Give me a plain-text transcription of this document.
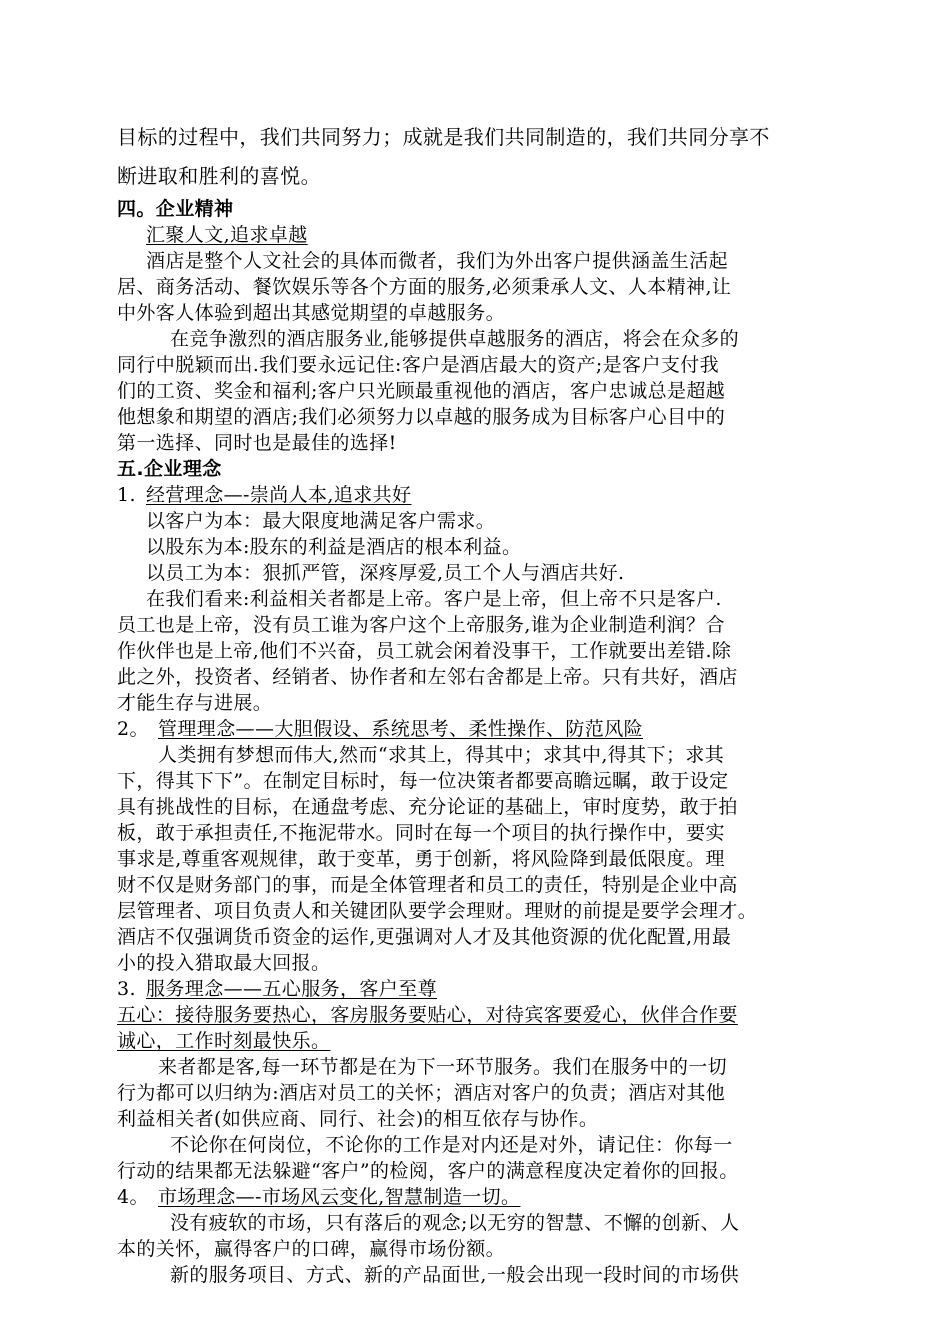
目标的过程中，我们共同努力；成就是我们共同制造的，我们共同分享不
断进取和胜利的喜悦。
四。企业精神
汇聚人文,追求卓越
酒店是整个人文社会的具体而微者，我们为外出客户提供涵盖生活起
居、商务活动、餐饮娱乐等各个方面的服务,必须秉承人文、人本精神,让
中外客人体验到超出其感觉期望的卓越服务。
在竞争激烈的酒店服务业,能够提供卓越服务的酒店，将会在众多的
同行中脱颖而出.我们要永远记住:客户是酒店最大的资产;是客户支付我
们的工资、奖金和福利;客户只光顾最重视他的酒店，客户忠诚总是超越
他想象和期望的酒店;我们必须努力以卓越的服务成为目标客户心目中的
第一选择、同时也是最佳的选择!
五.企业理念
1. 经营理念—-崇尚人本,追求共好
以客户为本：最大限度地满足客户需求。
以股东为本:股东的利益是酒店的根本利益。
以员工为本：狠抓严管，深疼厚爱,员工个人与酒店共好.
在我们看来:利益相关者都是上帝。客户是上帝，但上帝不只是客户.
员工也是上帝，没有员工谁为客户这个上帝服务,谁为企业制造利润？合
作伙伴也是上帝,他们不兴奋，员工就会闲着没事干，工作就要出差错.除
此之外，投资者、经销者、协作者和左邻右舍都是上帝。只有共好，酒店
才能生存与进展。
2。 管理理念——大胆假设、系统思考、柔性操作、防范风险
人类拥有梦想而伟大,然而“求其上，得其中；求其中,得其下；求其
下，得其下下”。在制定目标时，每一位决策者都要高瞻远瞩，敢于设定
具有挑战性的目标，在通盘考虑、充分论证的基础上，审时度势，敢于拍
板，敢于承担责任,不拖泥带水。同时在每一个项目的执行操作中，要实
事求是,尊重客观规律，敢于变革，勇于创新，将风险降到最低限度。理
财不仅是财务部门的事，而是全体管理者和员工的责任，特别是企业中高
层管理者、项目负责人和关键团队要学会理财。理财的前提是要学会理才。
酒店不仅强调货币资金的运作,更强调对人才及其他资源的优化配置,用最
小的投入猎取最大回报。
3. 服务理念——五心服务，客户至尊
五心：接待服务要热心，客房服务要贴心，对待宾客要爱心，伙伴合作要
诚心，工作时刻最快乐。
来者都是客,每一环节都是在为下一环节服务。我们在服务中的一切
行为都可以归纳为:酒店对员工的关怀；酒店对客户的负责；酒店对其他
利益相关者(如供应商、同行、社会)的相互依存与协作。
不论你在何岗位，不论你的工作是对内还是对外，请记住：你每一
行动的结果都无法躲避“客户”的检阅，客户的满意程度决定着你的回报。
4。 市场理念—-市场风云变化,智慧制造一切。
没有疲软的市场，只有落后的观念;以无穷的智慧、不懈的创新、人
本的关怀，赢得客户的口碑，赢得市场份额。
新的服务项目、方式、新的产品面世,一般会出现一段时间的市场供
